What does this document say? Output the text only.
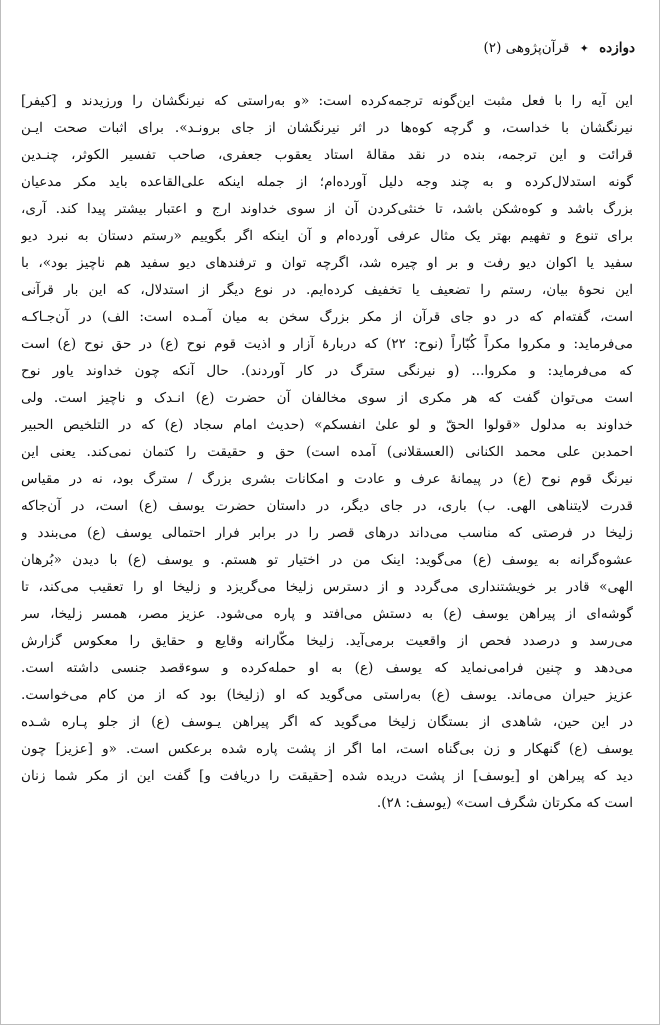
دوازده ✦ قرآن‌پژوهی (۲)
این آیه را با فعل مثبت این‌گونه ترجمه‌کرده است: «و به‌راستی که نیرنگشان را ورزیدند و [کیفر]
نیرنگشان با خداست، و گرچه کوه‌ها در اثر نیرنگشان از جای برونـد». برای اثبات صحت ایـن
قرائت و این ترجمه، بنده در نقد مقالهٔ استاد یعقوب جعفری، صاحب تفسیر الکوثر، چنـدین
گونه استدلال‌کرده و به چند وجه دلیل آورده‌ام؛ از جمله اینکه علی‌القاعده باید مکر مدعیان
بزرگ باشد و کوه‌شکن باشد، تا خنثی‌کردن آن از سوی خداوند ارج و اعتبار بیشتر پیدا کند. آری،
برای تنوع و تفهیم بهتر یک مثال عرفی آورده‌ام و آن اینکه اگر بگوییم «رستم دستان به نبرد دیو
سفید یا اکوان دیو رفت و بر او چیره شد، اگرچه توان و ترفندهای دیو سفید هم ناچیز بود»، با
این نحوهٔ بیان، رستم را تضعیف یا تخفیف کرده‌ایم. در نوع دیگر از استدلال، که این بار قرآنی
است، گفته‌ام که در دو جای قرآن از مکر بزرگ سخن به میان آمـده است: الف) در آن‌جـاکـه
می‌فرماید: و مکروا مکراً کُبّاراً (نوح: ۲۲) که دربارهٔ آزار و اذیت قوم نوح (ع) در حق نوح (ع) است
که می‌فرماید: و مکروا... (و نیرنگی سترگ در کار آوردند). حال آنکه چون خداوند یاور نوح
است می‌توان گفت که هر مکری از سوی مخالفان آن حضرت (ع) انـدک و ناچیز است. ولی
خداوند به مدلول «قولوا الحقّ و لو علیٰ انفسکم» (حدیث امام سجاد (ع) که در التلخیص الحبیر
احمدبن علی محمد الکنانی (العسقلانی) آمده است) حق و حقیقت را کتمان نمی‌کند. یعنی این
نیرنگ قوم نوح (ع) در پیمانهٔ عرف و عادت و امکانات بشری بزرگ / سترگ بود، نه در مقیاس
قدرت لایتناهی الهی. ب) باری، در جای دیگر، در داستان حضرت یوسف (ع) است، در آن‌جاکه
زلیخا در فرصتی که مناسب می‌داند درهای قصر را در برابر فرار احتمالی یوسف (ع) می‌بندد و
عشوه‌گرانه به یوسف (ع) می‌گوید: اینک من در اختیار تو هستم. و یوسف (ع) با دیدن «بُرهان
الهی» قادر بر خویشتنداری می‌گردد و از دسترس زلیخا می‌گریزد و زلیخا او را تعقیب می‌کند، تا
گوشه‌ای از پیراهن یوسف (ع) به دستش می‌افتد و پاره می‌شود. عزیز مصر، همسر زلیخا، سر
می‌رسد و درصدد فحص از واقعیت برمی‌آید. زلیخا مکّارانه وقایع و حقایق را معکوس گزارش
می‌دهد و چنین فرامی‌نماید که یوسف (ع) به او حمله‌کرده و سوءقصد جنسی داشته است.
عزیز حیران می‌ماند. یوسف (ع) به‌راستی می‌گوید که او (زلیخا) بود که از من کام می‌خواست.
در این حین، شاهدی از بستگان زلیخا می‌گوید که اگر پیراهن یـوسف (ع) از جلو پـاره شـده
یوسف (ع) گنهکار و زن بی‌گناه است، اما اگر از پشت پاره شده برعکس است. «و [عزیز] چون
دید که پیراهن او [یوسف] از پشت دریده شده [حقیقت را دریافت و] گفت این از مکر شما زنان
است که مکرتان شگرف است» (یوسف: ۲۸).
